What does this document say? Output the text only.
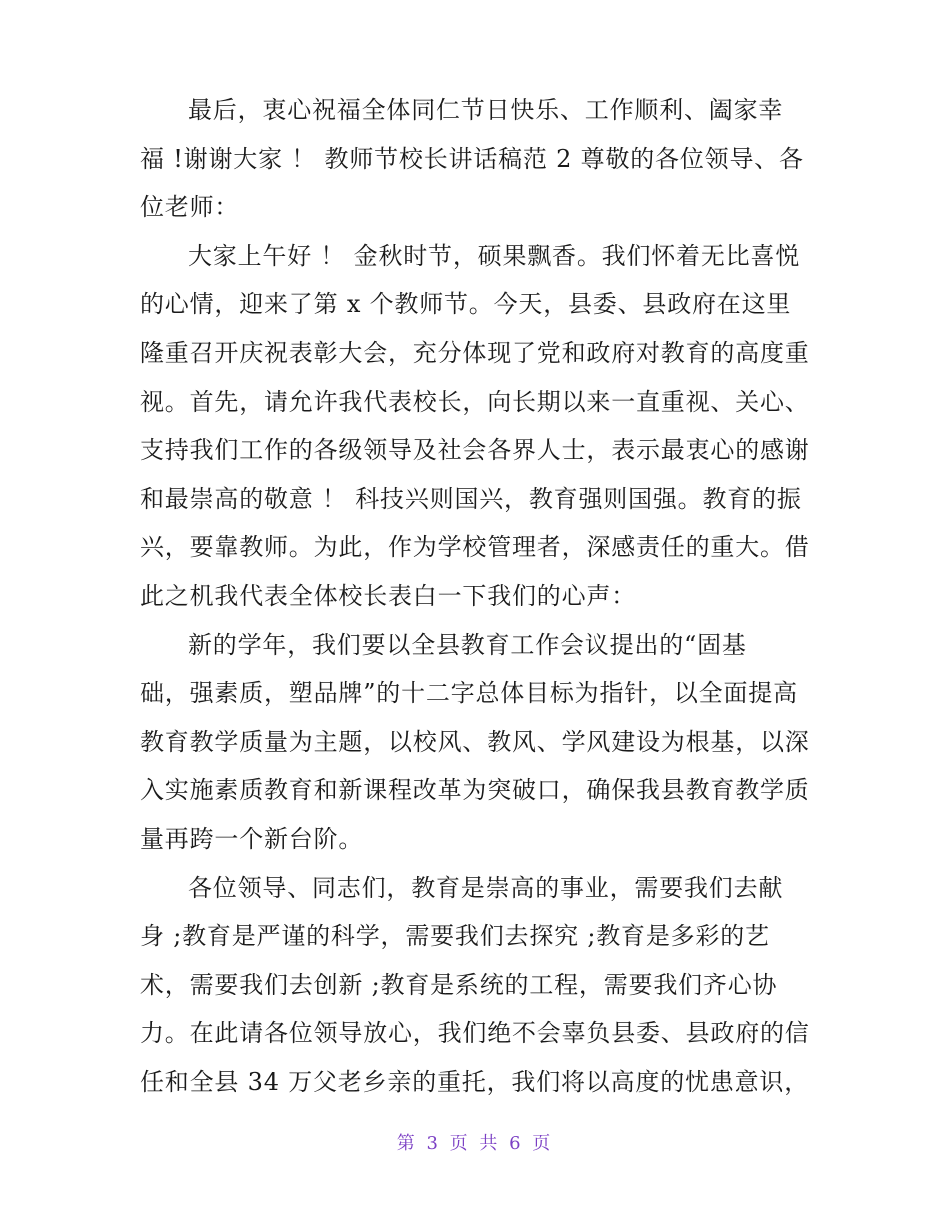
最后，衷心祝福全体同仁节日快乐、工作顺利、阖家幸
福 !谢谢大家 ！ 教师节校长讲话稿范 2 尊敬的各位领导、各
位老师：
大家上午好 ！ 金秋时节，硕果飘香。我们怀着无比喜悦
的心情，迎来了第 x 个教师节。今天，县委、县政府在这里
隆重召开庆祝表彰大会，充分体现了党和政府对教育的高度重
视。首先，请允许我代表校长，向长期以来一直重视、关心、
支持我们工作的各级领导及社会各界人士，表示最衷心的感谢
和最崇高的敬意 ！ 科技兴则国兴，教育强则国强。教育的振
兴，要靠教师。为此，作为学校管理者，深感责任的重大。借
此之机我代表全体校长表白一下我们的心声：
新的学年，我们要以全县教育工作会议提出的“固基
础，强素质，塑品牌”的十二字总体目标为指针，以全面提高
教育教学质量为主题，以校风、教风、学风建设为根基，以深
入实施素质教育和新课程改革为突破口，确保我县教育教学质
量再跨一个新台阶。
各位领导、同志们，教育是崇高的事业，需要我们去献
身 ;教育是严谨的科学，需要我们去探究 ;教育是多彩的艺
术，需要我们去创新 ;教育是系统的工程，需要我们齐心协
力。在此请各位领导放心，我们绝不会辜负县委、县政府的信
任和全县 34 万父老乡亲的重托，我们将以高度的忧患意识，
第 3 页 共 6 页
